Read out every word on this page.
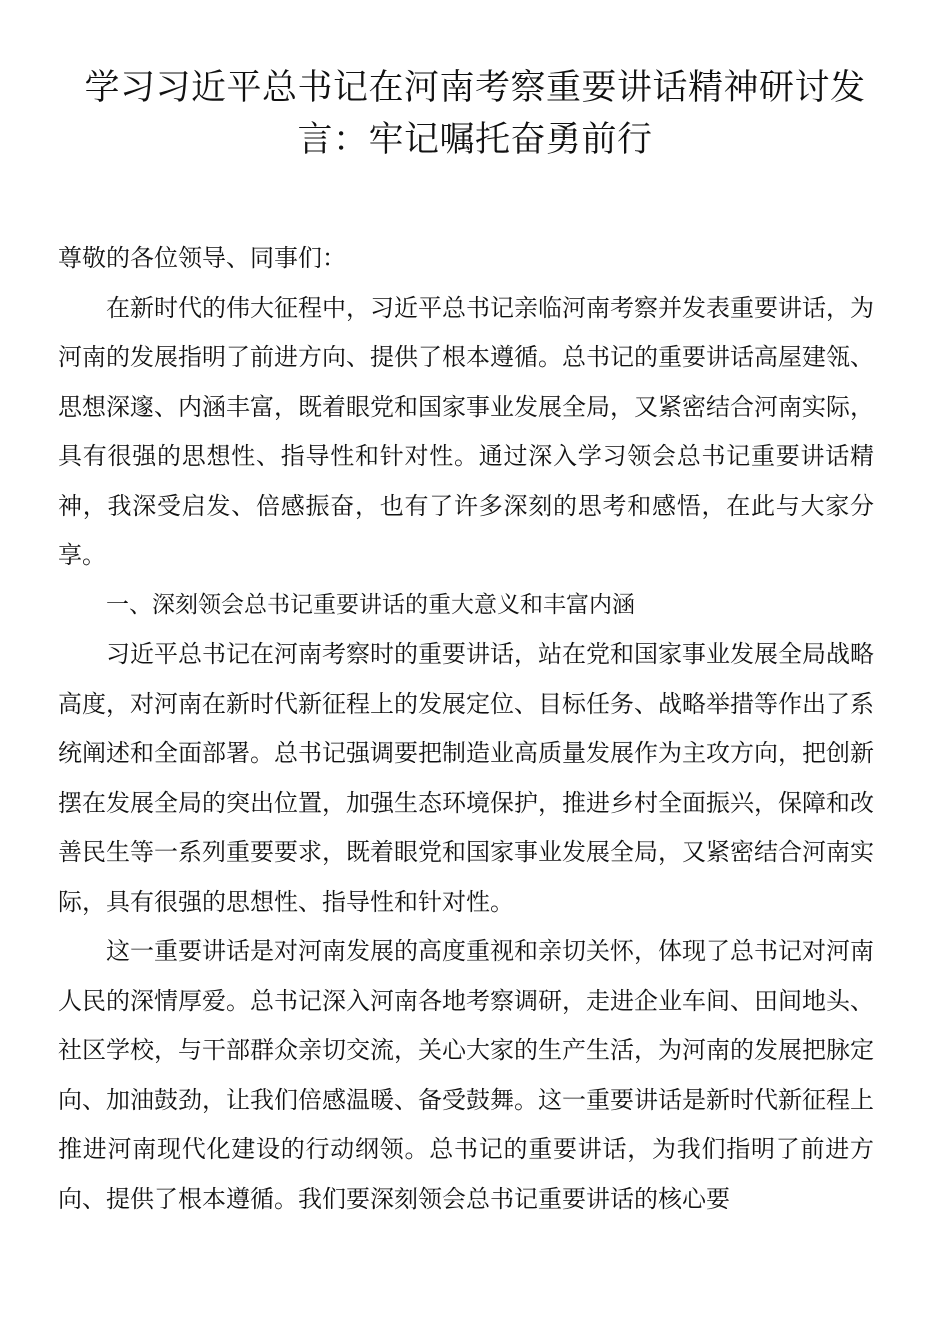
学习习近平总书记在河南考察重要讲话精神研讨发言：牢记嘱托奋勇前行

尊敬的各位领导、同事们：

在新时代的伟大征程中，习近平总书记亲临河南考察并发表重要讲话，为河南的发展指明了前进方向、提供了根本遵循。总书记的重要讲话高屋建瓴、思想深邃、内涵丰富，既着眼党和国家事业发展全局，又紧密结合河南实际，具有很强的思想性、指导性和针对性。通过深入学习领会总书记重要讲话精神，我深受启发、倍感振奋，也有了许多深刻的思考和感悟，在此与大家分享。

一、深刻领会总书记重要讲话的重大意义和丰富内涵

习近平总书记在河南考察时的重要讲话，站在党和国家事业发展全局战略高度，对河南在新时代新征程上的发展定位、目标任务、战略举措等作出了系统阐述和全面部署。总书记强调要把制造业高质量发展作为主攻方向，把创新摆在发展全局的突出位置，加强生态环境保护，推进乡村全面振兴，保障和改善民生等一系列重要要求，既着眼党和国家事业发展全局，又紧密结合河南实际，具有很强的思想性、指导性和针对性。

这一重要讲话是对河南发展的高度重视和亲切关怀，体现了总书记对河南人民的深情厚爱。总书记深入河南各地考察调研，走进企业车间、田间地头、社区学校，与干部群众亲切交流，关心大家的生产生活，为河南的发展把脉定向、加油鼓劲，让我们倍感温暖、备受鼓舞。这一重要讲话是新时代新征程上推进河南现代化建设的行动纲领。总书记的重要讲话，为我们指明了前进方向、提供了根本遵循。我们要深刻领会总书记重要讲话的核心要
